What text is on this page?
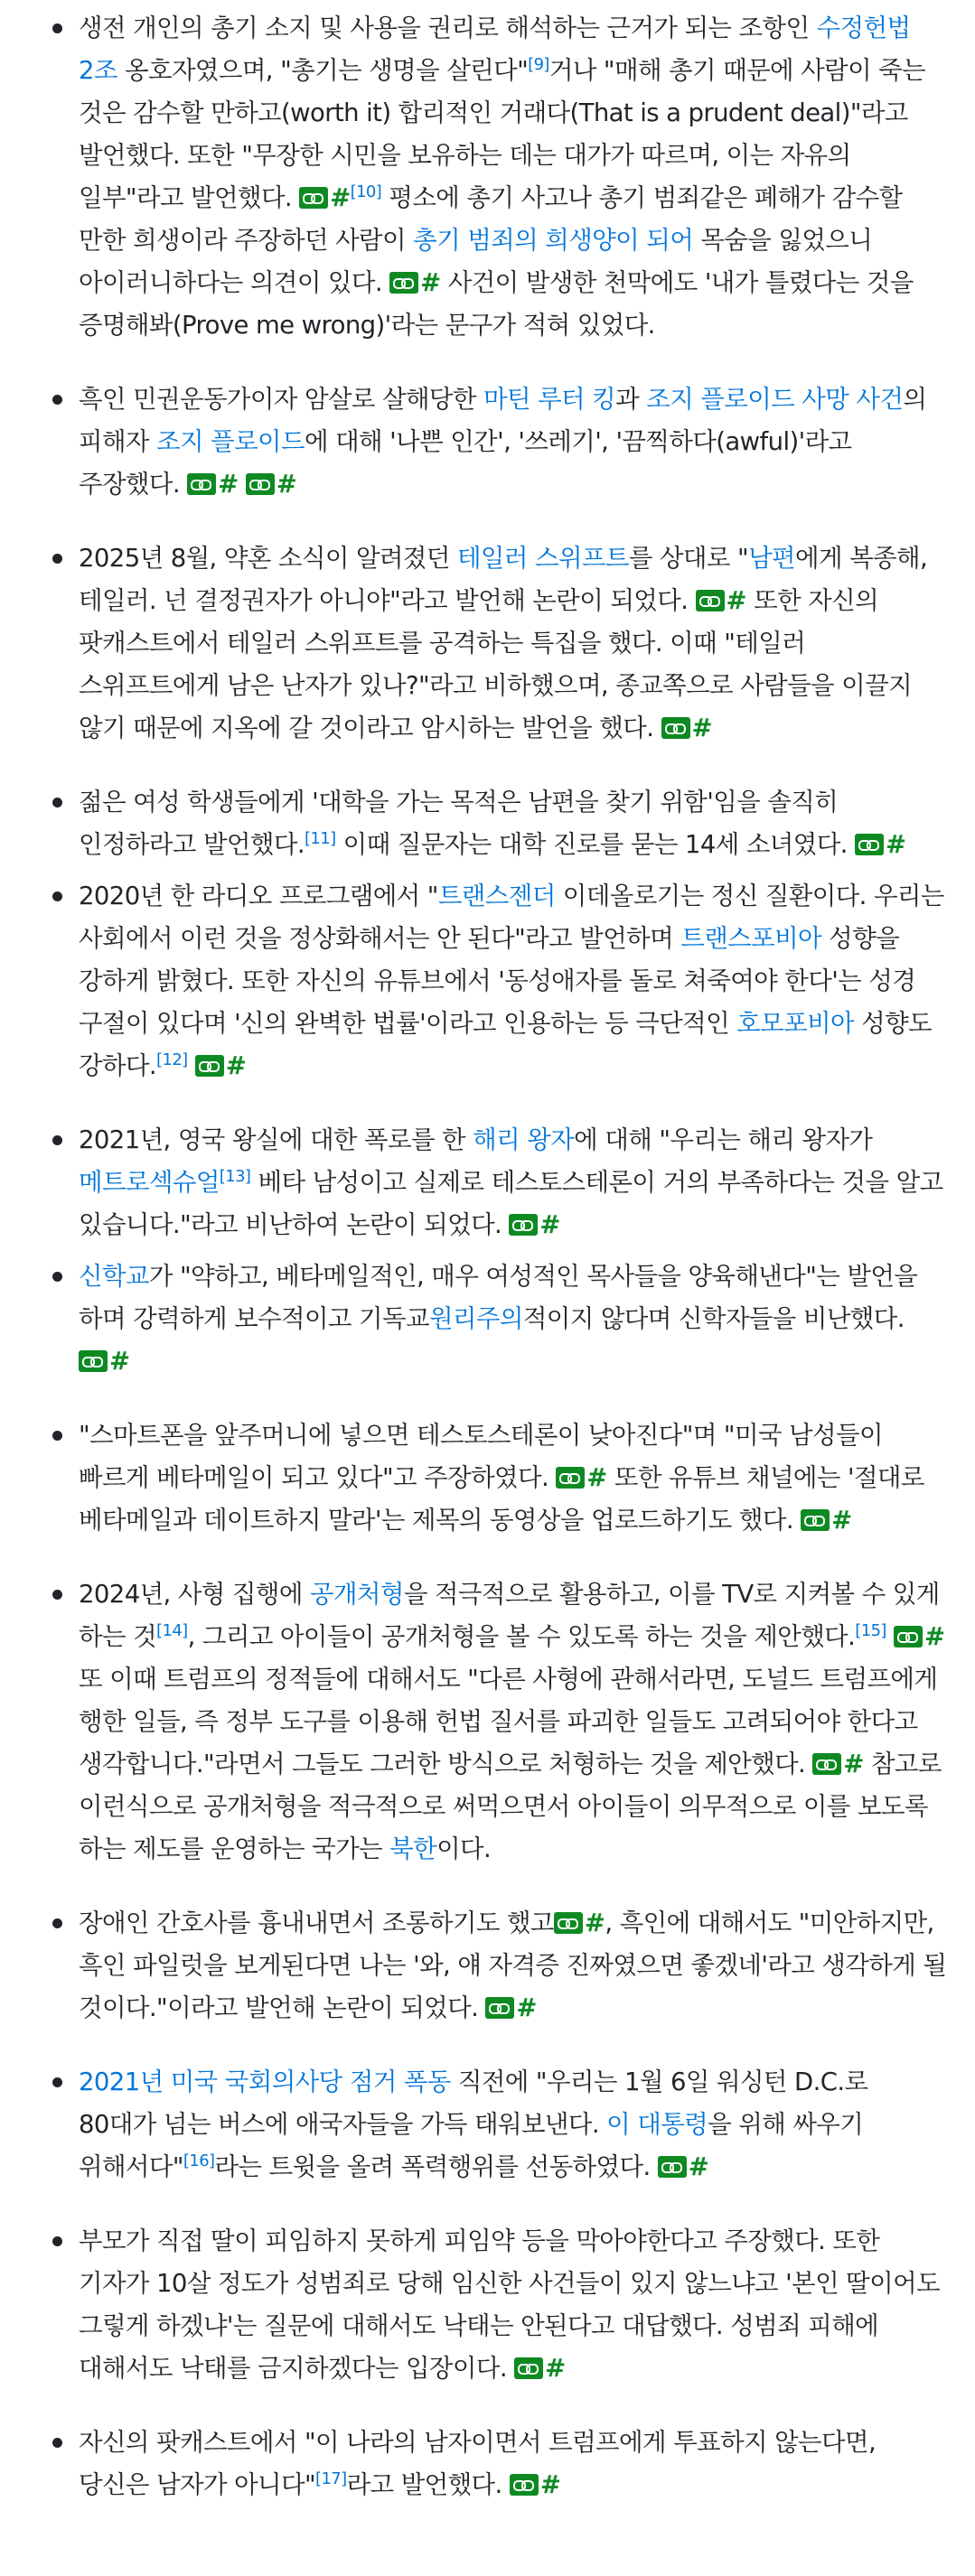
생전 개인의 총기 소지 및 사용을 권리로 해석하는 근거가 되는 조항인 수정헌법 2조 옹호자였으며, "총기는 생명을 살린다"[9]거나 "매해 총기 때문에 사람이 죽는 것은 감수할 만하고(worth it) 합리적인 거래다(That is a prudent deal)"라고 발언했다. 또한 "무장한 시민을 보유하는 데는 대가가 따르며, 이는 자유의 일부"라고 발언했다. #[10] 평소에 총기 사고나 총기 범죄같은 폐해가 감수할 만한 희생이라 주장하던 사람이 총기 범죄의 희생양이 되어 목숨을 잃었으니 아이러니하다는 의견이 있다. # 사건이 발생한 천막에도 '내가 틀렸다는 것을 증명해봐(Prove me wrong)'라는 문구가 적혀 있었다.
흑인 민권운동가이자 암살로 살해당한 마틴 루터 킹과 조지 플로이드 사망 사건의 피해자 조지 플로이드에 대해 '나쁜 인간', '쓰레기', '끔찍하다(awful)'라고 주장했다. # #
2025년 8월, 약혼 소식이 알려졌던 테일러 스위프트를 상대로 "남편에게 복종해, 테일러. 넌 결정권자가 아니야"라고 발언해 논란이 되었다. # 또한 자신의 팟캐스트에서 테일러 스위프트를 공격하는 특집을 했다. 이때 "테일러 스위프트에게 남은 난자가 있나?"라고 비하했으며, 종교쪽으로 사람들을 이끌지 않기 때문에 지옥에 갈 것이라고 암시하는 발언을 했다. #
젊은 여성 학생들에게 '대학을 가는 목적은 남편을 찾기 위함'임을 솔직히 인정하라고 발언했다.[11] 이때 질문자는 대학 진로를 묻는 14세 소녀였다. #
2020년 한 라디오 프로그램에서 "트랜스젠더 이데올로기는 정신 질환이다. 우리는 사회에서 이런 것을 정상화해서는 안 된다"라고 발언하며 트랜스포비아 성향을 강하게 밝혔다. 또한 자신의 유튜브에서 '동성애자를 돌로 쳐죽여야 한다'는 성경 구절이 있다며 '신의 완벽한 법률'이라고 인용하는 등 극단적인 호모포비아 성향도 강하다.[12] #
2021년, 영국 왕실에 대한 폭로를 한 해리 왕자에 대해 "우리는 해리 왕자가 메트로섹슈얼[13] 베타 남성이고 실제로 테스토스테론이 거의 부족하다는 것을 알고 있습니다."라고 비난하여 논란이 되었다. #
신학교가 "약하고, 베타메일적인, 매우 여성적인 목사들을 양육해낸다"는 발언을 하며 강력하게 보수적이고 기독교원리주의적이지 않다며 신학자들을 비난했다. #
"스마트폰을 앞주머니에 넣으면 테스토스테론이 낮아진다"며 "미국 남성들이 빠르게 베타메일이 되고 있다"고 주장하였다. # 또한 유튜브 채널에는 '절대로 베타메일과 데이트하지 말라'는 제목의 동영상을 업로드하기도 했다. #
2024년, 사형 집행에 공개처형을 적극적으로 활용하고, 이를 TV로 지켜볼 수 있게 하는 것[14], 그리고 아이들이 공개처형을 볼 수 있도록 하는 것을 제안했다.[15] # 또 이때 트럼프의 정적들에 대해서도 "다른 사형에 관해서라면, 도널드 트럼프에게 행한 일들, 즉 정부 도구를 이용해 헌법 질서를 파괴한 일들도 고려되어야 한다고 생각합니다."라면서 그들도 그러한 방식으로 처형하는 것을 제안했다. # 참고로 이런식으로 공개처형을 적극적으로 써먹으면서 아이들이 의무적으로 이를 보도록 하는 제도를 운영하는 국가는 북한이다.
장애인 간호사를 흉내내면서 조롱하기도 했고 #, 흑인에 대해서도 "미안하지만, 흑인 파일럿을 보게된다면 나는 '와, 얘 자격증 진짜였으면 좋겠네'라고 생각하게 될 것이다."이라고 발언해 논란이 되었다. #
2021년 미국 국회의사당 점거 폭동 직전에 "우리는 1월 6일 워싱턴 D.C.로 80대가 넘는 버스에 애국자들을 가득 태워보낸다. 이 대통령을 위해 싸우기 위해서다"[16]라는 트윗을 올려 폭력행위를 선동하였다. #
부모가 직접 딸이 피임하지 못하게 피임약 등을 막아야한다고 주장했다. 또한 기자가 10살 정도가 성범죄로 당해 임신한 사건들이 있지 않느냐고 '본인 딸이어도 그렇게 하겠냐'는 질문에 대해서도 낙태는 안된다고 대답했다. 성범죄 피해에 대해서도 낙태를 금지하겠다는 입장이다. #
자신의 팟캐스트에서 "이 나라의 남자이면서 트럼프에게 투표하지 않는다면, 당신은 남자가 아니다"[17]라고 발언했다. #
